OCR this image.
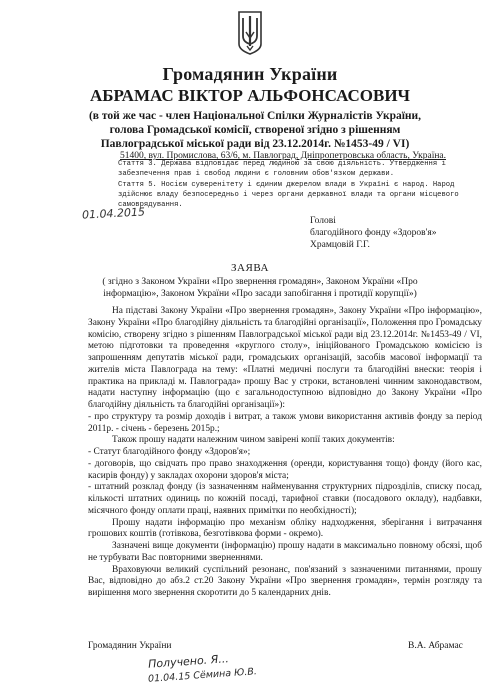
Громадянин України
АБРАМАС ВІКТОР АЛЬФОНСАСОВИЧ
(в той же час - член Національної Спілки Журналістів України, голова Громадської комісії, створеної згідно з рішенням Павлоградської міської ради від 23.12.2014г. №1453-49 / VI)
51400, вул. Промислова, 63/6, м. Павлоград, Дніпропетровська область, Україна.
Стаття 3. Держава відповідає перед людиною за свою діяльність. Утвердження і забезпечення прав і свобод людини є головним обов'язком держави.
Стаття 5. Носієм суверенітету і єдиним джерелом влади в Україні є народ. Народ здійснює владу безпосередньо і через органи державної влади та органи місцевого самоврядування.
01.04.2015	Голові
благодійного фонду «Здоров'я»
Храмцовій Г.Г.
ЗАЯВА
( згідно з Законом України «Про звернення громадян», Законом України «Про інформацію», Законом України «Про засади запобігання і протидії корупції»)

На підставі Закону України «Про звернення громадян», Закону України «Про інформацію», Закону України «Про благодійну діяльність та благодійні організації», Положення про Громадську комісію, створену згідно з рішенням Павлоградської міської ради від 23.12.2014г. №1453-49 / VI, метою підготовки та проведення «круглого столу», ініційованого Громадською комісією із запрошенням депутатів міської ради, громадських організацій, засобів масової інформації та жителів міста Павлограда на тему: «Платні медичні послуги та благодійні внески: теорія і практика на прикладі м. Павлограда» прошу Вас у строки, встановлені чинним законодавством, надати наступну інформацію (що є загальнодоступною відповідно до Закону України «Про благодійну діяльність та благодійні організації»):

- про структуру та розмір доходів і витрат, а також умови використання активів фонду за період 2011р. - січень - березень 2015р.;

Також прошу надати належним чином завірені копії таких документів:

- Статут благодійного фонду «Здоров'я»;

- договорів, що свідчать про право знаходження (оренди, користування тощо) фонду (його кас, касирів фонду) у закладах охорони здоров'я міста;

- штатний розклад фонду (із зазначенням найменування структурних підрозділів, списку посад, кількості штатних одиниць по кожній посаді, тарифної ставки (посадового окладу), надбавки, місячного фонду оплати праці, наявних примітки по необхідності);

Прошу надати інформацію про механізм обліку надходження, зберігання і витрачання грошових коштів (готівкова, безготівкова форми - окремо).

Зазначені вище документи (інформацію) прошу надати в максимально повному обсязі, щоб не турбувати Вас повторними зверненнями.

Враховуючи великий суспільний резонанс, пов'язаний з зазначеними питаннями, прошу Вас, відповідно до абз.2 ст.20 Закону України «Про звернення громадян», термін розгляду та вирішення мого звернення скоротити до 5 календарних днів.

Громадянин України	В.А. Абрамас
Получено. Я...
01.04.15 Сёмина Ю.В.
